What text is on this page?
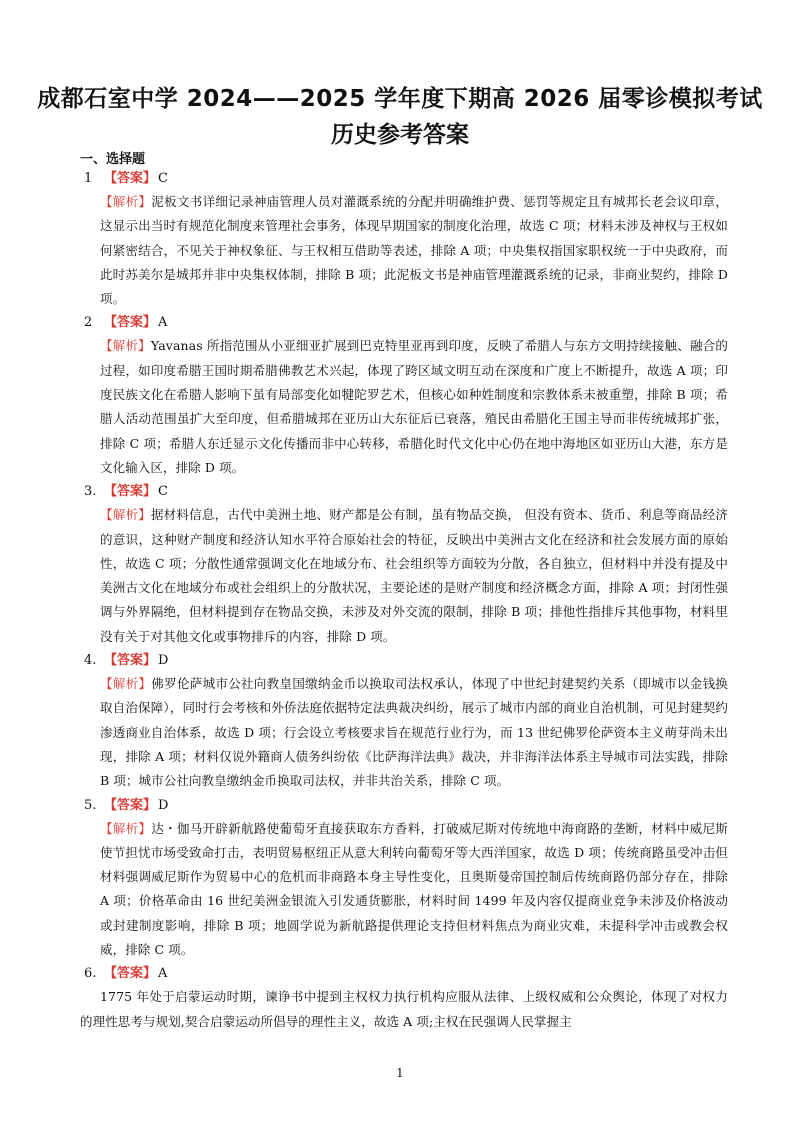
成都石室中学 2024——2025 学年度下期高 2026 届零诊模拟考试
历史参考答案
一、选择题
1 【答案】 C
【解析】泥板文书详细记录神庙管理人员对灌溉系统的分配并明确维护费、惩罚等规定且有城邦长老会议印章，这显示出当时有规范化制度来管理社会事务，体现早期国家的制度化治理，故选 C 项；材料未涉及神权与王权如何紧密结合，不见关于神权象征、与王权相互借助等表述，排除 A 项；中央集权指国家职权统一于中央政府，而此时苏美尔是城邦并非中央集权体制，排除 B 项；此泥板文书是神庙管理灌溉系统的记录，非商业契约，排除 D 项。
2 【答案】 A
【解析】Yavanas 所指范围从小亚细亚扩展到巴克特里亚再到印度，反映了希腊人与东方文明持续接触、融合的过程，如印度希腊王国时期希腊佛教艺术兴起，体现了跨区域文明互动在深度和广度上不断提升，故选 A 项；印度民族文化在希腊人影响下虽有局部变化如犍陀罗艺术，但核心如种姓制度和宗教体系未被重塑，排除 B 项；希腊人活动范围虽扩大至印度，但希腊城邦在亚历山大东征后已衰落，殖民由希腊化王国主导而非传统城邦扩张，排除 C 项；希腊人东迁显示文化传播而非中心转移，希腊化时代文化中心仍在地中海地区如亚历山大港，东方是文化输入区，排除 D 项。
3. 【答案】 C
【解析】据材料信息，古代中美洲土地、财产都是公有制，虽有物品交换， 但没有资本、货币、利息等商品经济的意识，这种财产制度和经济认知水平符合原始社会的特征，反映出中美洲古文化在经济和社会发展方面的原始性，故选 C 项；分散性通常强调文化在地域分布、社会组织等方面较为分散，各自独立，但材料中并没有提及中美洲古文化在地域分布或社会组织上的分散状况，主要论述的是财产制度和经济概念方面，排除 A 项；封闭性强调与外界隔绝，但材料提到存在物品交换，未涉及对外交流的限制，排除 B 项；排他性指排斥其他事物，材料里没有关于对其他文化或事物排斥的内容，排除 D 项。
4. 【答案】 D
【解析】佛罗伦萨城市公社向教皇国缴纳金币以换取司法权承认，体现了中世纪封建契约关系（即城市以金钱换取自治保障），同时行会考核和外侨法庭依据特定法典裁决纠纷，展示了城市内部的商业自治机制，可见封建契约渗透商业自治体系，故选 D 项；行会设立考核要求旨在规范行业行为，而 13 世纪佛罗伦萨资本主义萌芽尚未出现，排除 A 项；材料仅说外籍商人债务纠纷依《比萨海洋法典》裁决，并非海洋法体系主导城市司法实践，排除 B 项；城市公社向教皇缴纳金币换取司法权，并非共治关系，排除 C 项。
5. 【答案】 D
【解析】达・伽马开辟新航路使葡萄牙直接获取东方香料，打破威尼斯对传统地中海商路的垄断，材料中威尼斯使节担忧市场受致命打击，表明贸易枢纽正从意大利转向葡萄牙等大西洋国家，故选 D 项；传统商路虽受冲击但材料强调威尼斯作为贸易中心的危机而非商路本身主导性变化，且奥斯曼帝国控制后传统商路仍部分存在，排除 A 项；价格革命由 16 世纪美洲金银流入引发通货膨胀，材料时间 1499 年及内容仅提商业竞争未涉及价格波动或封建制度影响，排除 B 项；地圆学说为新航路提供理论支持但材料焦点为商业灾难，未提科学冲击或教会权威，排除 C 项。
6. 【答案】 A
1775 年处于启蒙运动时期，谏诤书中提到主权权力执行机构应服从法律、上级权威和公众舆论，体现了对权力的理性思考与规划,契合启蒙运动所倡导的理性主义，故选 A 项;主权在民强调人民掌握主
1
